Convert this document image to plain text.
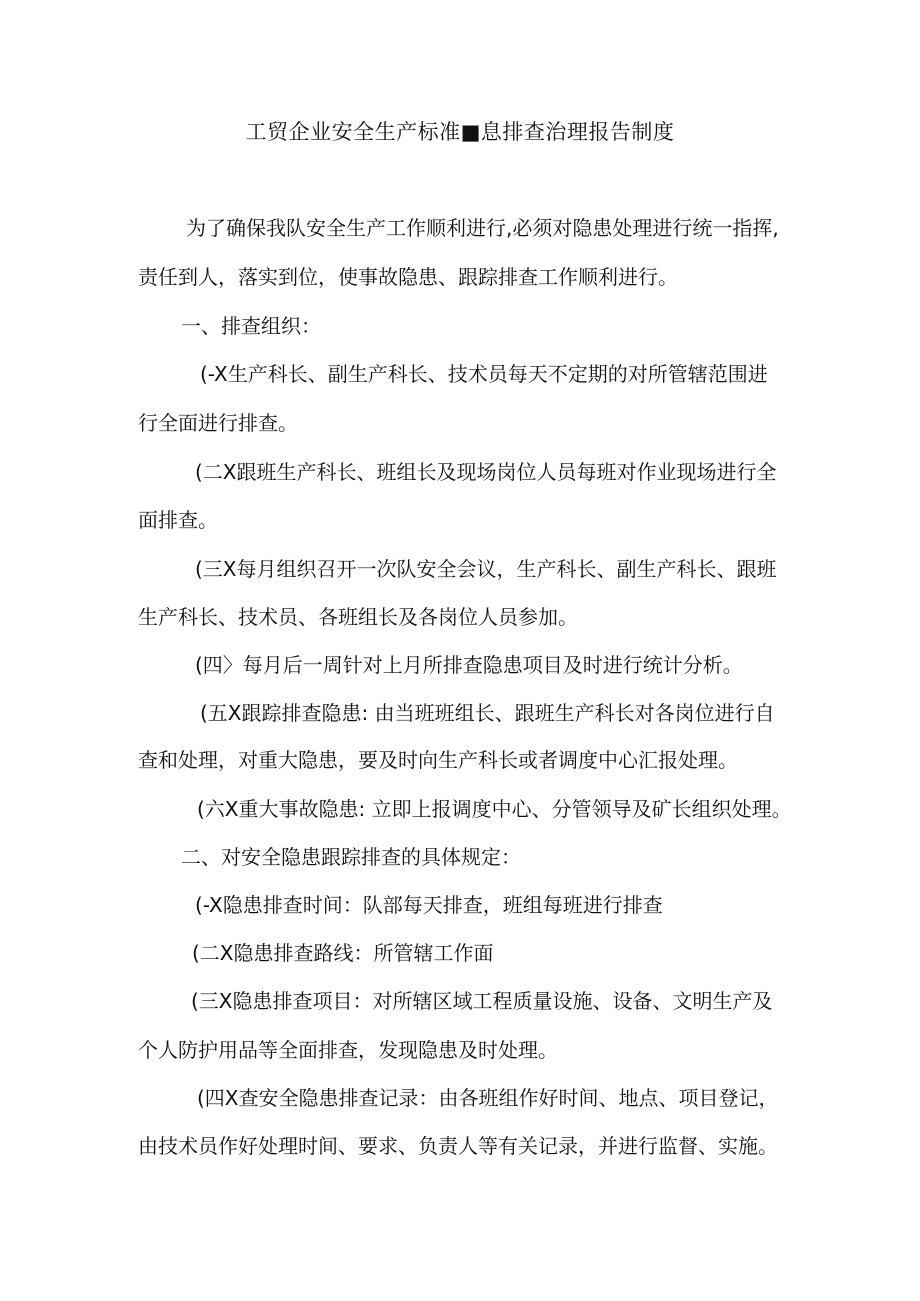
工贸企业安全生产标准■息排查治理报告制度
为了确保我队安全生产工作顺利进行,必须对隐患处理进行统一指挥,
责任到人，落实到位，使事故隐患、跟踪排查工作顺利进行。
一、排查组织：
(-X生产科长、副生产科长、技术员每天不定期的对所管辖范围进
行全面进行排查。
(二X跟班生产科长、班组长及现场岗位人员每班对作业现场进行全
面排查。
(三X每月组织召开一次队安全会议，生产科长、副生产科长、跟班
生产科长、技术员、各班组长及各岗位人员参加。
(四〉每月后一周针对上月所排查隐患项目及时进行统计分析。
(五X跟踪排查隐患: 由当班班组长、跟班生产科长对各岗位进行自
查和处理，对重大隐患，要及时向生产科长或者调度中心汇报处理。
(六X重大事故隐患: 立即上报调度中心、分管领导及矿长组织处理。
二、对安全隐患跟踪排查的具体规定：
(-X隐患排查时间：队部每天排查，班组每班进行排查
(二X隐患排查路线：所管辖工作面
(三X隐患排查项目：对所辖区域工程质量设施、设备、文明生产及
个人防护用品等全面排查，发现隐患及时处理。
(四X查安全隐患排查记录：由各班组作好时间、地点、项目登记，
由技术员作好处理时间、要求、负责人等有关记录，并进行监督、实施。
